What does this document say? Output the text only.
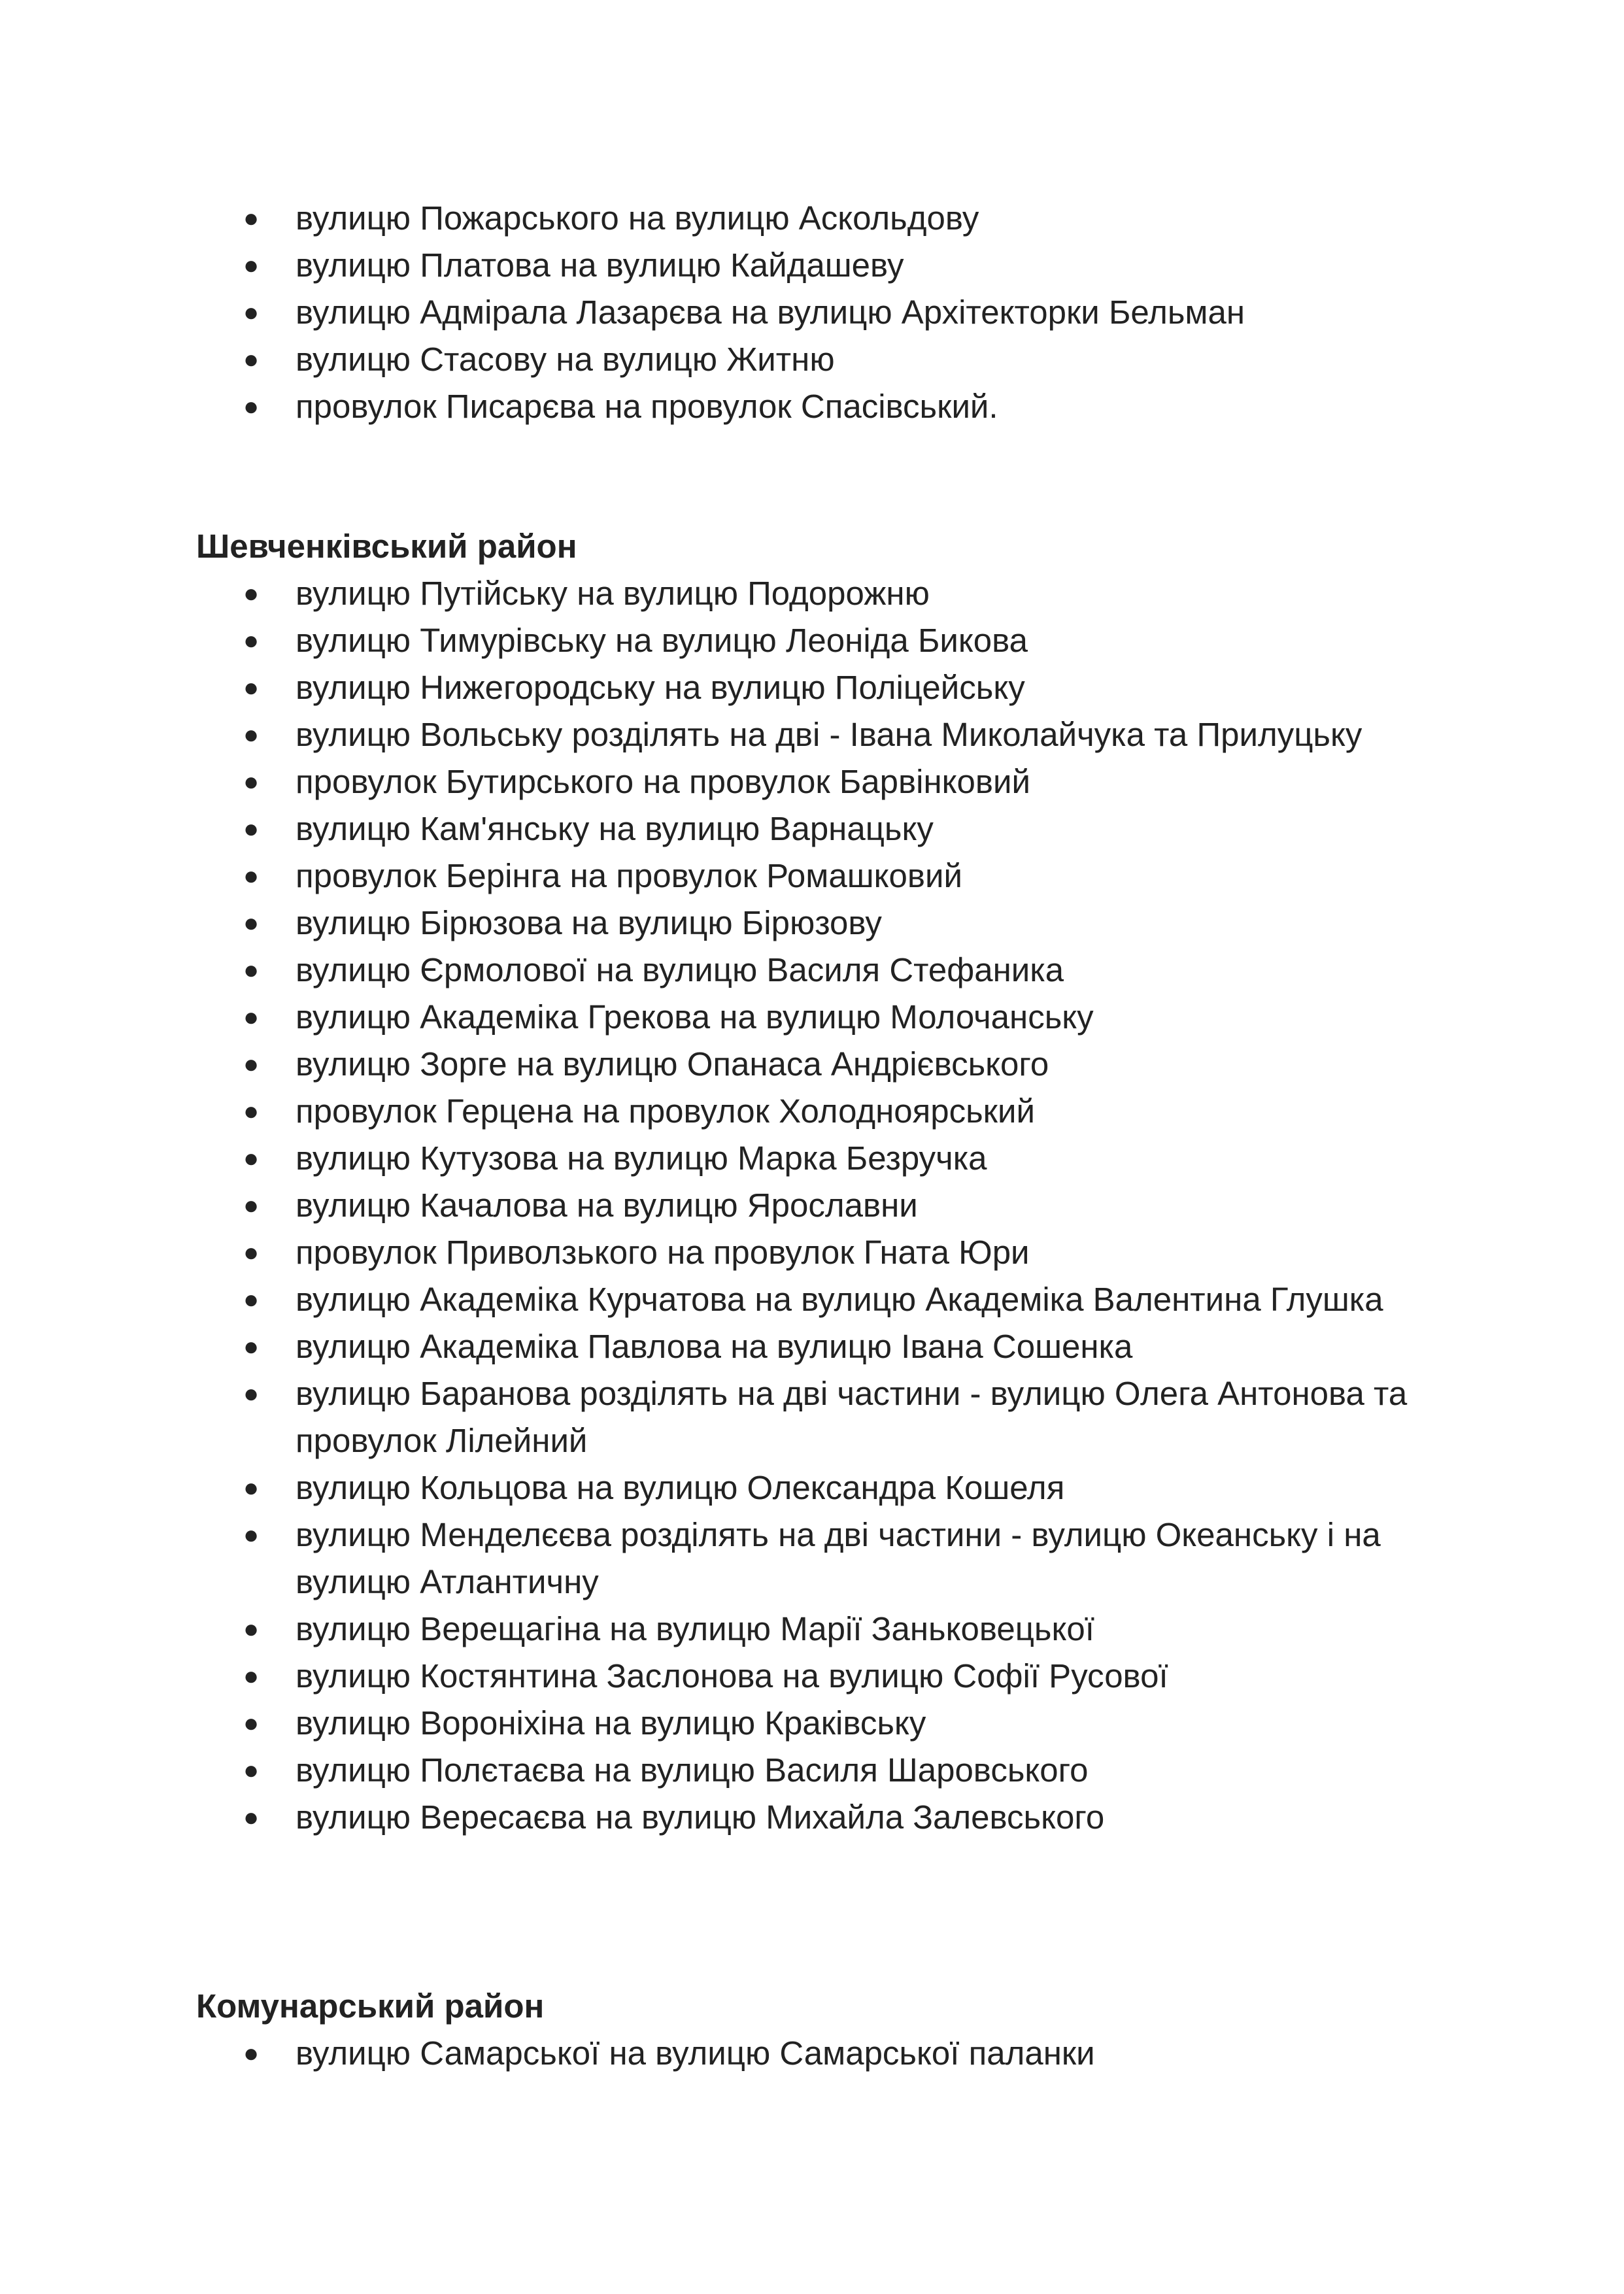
●	вулицю Пожарського на вулицю Аскольдову
●	вулицю Платова на вулицю Кайдашеву
●	вулицю Адмірала Лазарєва на вулицю Архітекторки Бельман
●	вулицю Стасову на вулицю Житню
●	провулок Писарєва на провулок Спасівський.
Шевченківський район
●	вулицю Путійську на вулицю Подорожню
●	вулицю Тимурівську на вулицю Леоніда Бикова
●	вулицю Нижегородську на вулицю Поліцейську
●	вулицю Вольську розділять на дві - Івана Миколайчука та Прилуцьку
●	провулок Бутирського на провулок Барвінковий
●	вулицю Кам'янську на вулицю Варнацьку
●	провулок Берінга на провулок Ромашковий
●	вулицю Бірюзова на вулицю Бірюзову
●	вулицю Єрмолової на вулицю Василя Стефаника
●	вулицю Академіка Грекова на вулицю Молочанську
●	вулицю Зорге на вулицю Опанаса Андрієвського
●	провулок Герцена на провулок Холодноярський
●	вулицю Кутузова на вулицю Марка Безручка
●	вулицю Качалова на вулицю Ярославни
●	провулок Приволзького на провулок Гната Юри
●	вулицю Академіка Курчатова на вулицю Академіка Валентина Глушка
●	вулицю Академіка Павлова на вулицю Івана Сошенка
●	вулицю Баранова розділять на дві частини - вулицю Олега Антонова та провулок Лілейний
●	вулицю Кольцова на вулицю Олександра Кошеля
●	вулицю Менделєєва розділять на дві частини - вулицю Океанську і на вулицю Атлантичну
●	вулицю Верещагіна на вулицю Марії Заньковецької
●	вулицю Костянтина Заслонова на вулицю Софії Русової
●	вулицю Вороніхіна на вулицю Краківську
●	вулицю Полєтаєва на вулицю Василя Шаровського
●	вулицю Вересаєва на вулицю Михайла Залевського
Комунарський район
●	вулицю Самарської на вулицю Самарської паланки
